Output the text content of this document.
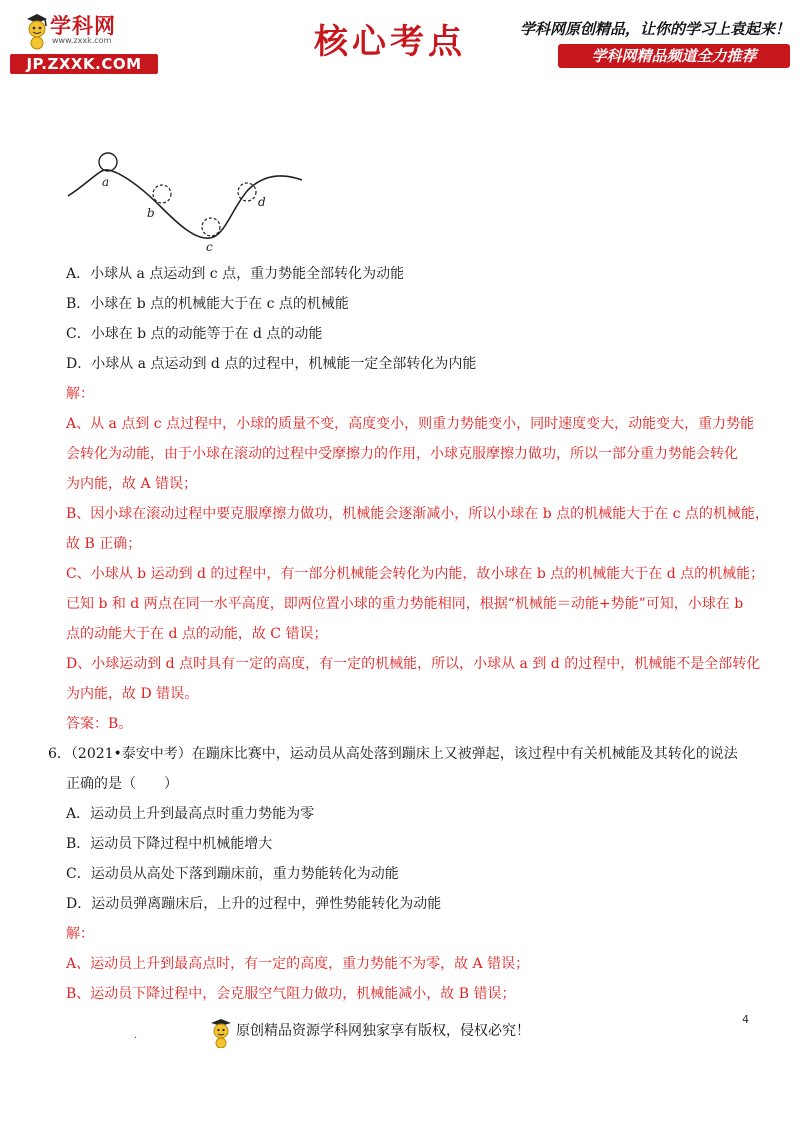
学科网
www.zxxk.com
JP.ZXXK.COM
核心考点	学科网原创精品，让你的学习上袁起来！
学科网精品频道全力推荐
a
b
c
d
A．小球从 a 点运动到 c 点，重力势能全部转化为动能
B．小球在 b 点的机械能大于在 c 点的机械能
C．小球在 b 点的动能等于在 d 点的动能
D．小球从 a 点运动到 d 点的过程中，机械能一定全部转化为内能
解：
A、从 a 点到 c 点过程中，小球的质量不变，高度变小，则重力势能变小，同时速度变大，动能变大，重力势能
会转化为动能，由于小球在滚动的过程中受摩擦力的作用，小球克服摩擦力做功，所以一部分重力势能会转化
为内能，故 A 错误；
B、因小球在滚动过程中要克服摩擦力做功，机械能会逐渐减小，所以小球在 b 点的机械能大于在 c 点的机械能，
故 B 正确；
C、小球从 b 运动到 d 的过程中，有一部分机械能会转化为内能，故小球在 b 点的机械能大于在 d 点的机械能；
已知 b 和 d 两点在同一水平高度，即两位置小球的重力势能相同，根据“机械能＝动能+势能”可知，小球在 b
点的动能大于在 d 点的动能，故 C 错误；
D、小球运动到 d 点时具有一定的高度，有一定的机械能，所以，小球从 a 到 d 的过程中，机械能不是全部转化
为内能，故 D 错误。
答案：B。
6．（2021•泰安中考）在蹦床比赛中，运动员从高处落到蹦床上又被弹起，该过程中有关机械能及其转化的说法
正确的是（　　）
A．运动员上升到最高点时重力势能为零
B．运动员下降过程中机械能增大
C．运动员从高处下落到蹦床前，重力势能转化为动能
D．运动员弹离蹦床后，上升的过程中，弹性势能转化为动能
解：
A、运动员上升到最高点时，有一定的高度，重力势能不为零，故 A 错误；
B、运动员下降过程中，会克服空气阻力做功，机械能减小，故 B 错误；
4
.	原创精品资源学科网独家享有版权，侵权必究！
